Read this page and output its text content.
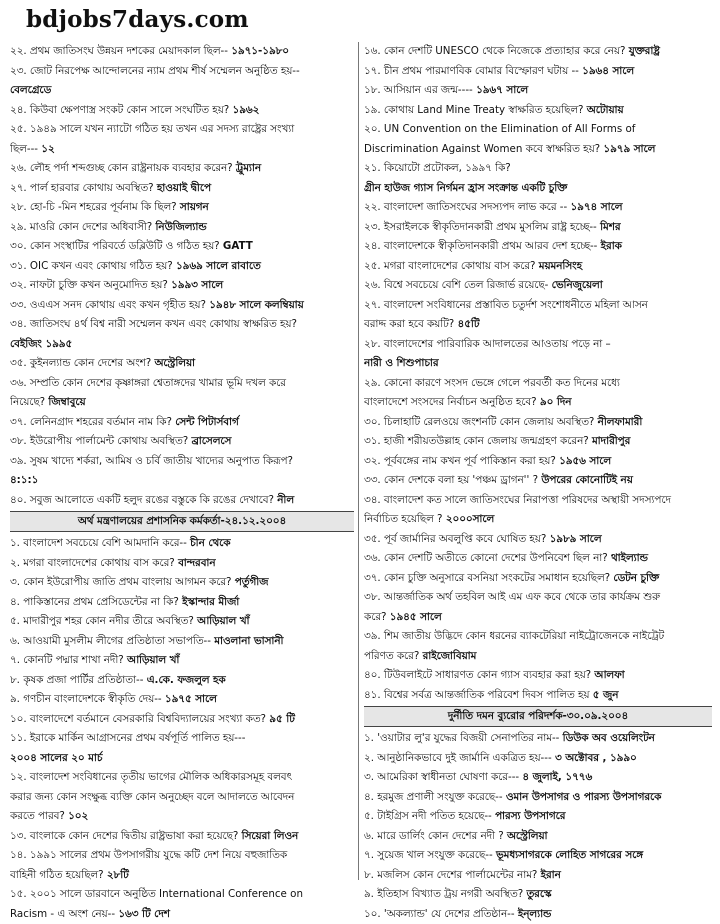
bdjobs7days.com
২২. প্রথম জাতিসংঘ উন্নয়ন দশকের মেয়াদকাল ছিল-- ১৯৭১-১৯৮০
২৩. জোট নিরপেক্ষ আন্দোলনের ন্যাম প্রথম শীর্ষ সম্মেলন অনুষ্ঠিত হয়--
বেলগ্রেডে
২৪. কিউবা ক্ষেপণাস্ত্র সংকট কোন সালে সংঘটিত হয়? ১৯৬২
২৫. ১৯৪৯ সালে যখন ন্যাটো গঠিত হয় তখন এর সদস্য রাষ্ট্রের সংখ্যা
ছিল--- ১২
২৬. লৌহ পর্দা শব্দগুচ্ছ কোন রাষ্ট্রনায়ক ব্যবহার করেন? ট্রুম্যান
২৭. পার্ল হারবার কোথায় অবস্থিত? হাওয়াই দ্বীপে
২৮. হো-চি -মিন শহরের পূর্বনাম কি ছিল? সায়গন
২৯. মাওরি কোন দেশের অধিবাসী? নিউজিল্যান্ড
৩০. কোন সংস্থাটির পরিবর্তে ডব্লিউটি ও গঠিত হয়? GATT
৩১. OIC কখন এবং কোথায় গঠিত হয়? ১৯৬৯ সালে রাবাতে
৩২. নাফটা চুক্তি কখন অনুমোদিত হয়? ১৯৯৩ সালে
৩৩. ওএএস সনদ কোথায় এবং কখন গৃহীত হয়? ১৯৪৮ সালে কলম্বিয়ায়
৩৪. জাতিসংঘ ৪র্থ বিশ্ব নারী সম্মেলন কখন এবং কোথায় স্বাক্ষরিত হয়?
বেইজিং ১৯৯৫
৩৫. কুইনল্যান্ড কোন দেশের অংশ? অস্ট্রেলিয়া
৩৬. সম্প্রতি কোন দেশের কৃষ্ণাঙ্গরা শ্বেতাঙ্গদের খামার ভূমি দখল করে
নিয়েছে? জিম্বাবুয়ে
৩৭. লেনিনগ্রাদ শহরের বর্তমান নাম কি? সেন্ট পিটার্সবার্গ
৩৮. ইউরোপীয় পার্লামেন্ট কোথায় অবস্থিত? ব্রাসেলসে
৩৯. সুষম খাদ্যে শর্করা, আমিষ ও চর্বি জাতীয় খাদ্যের অনুপাত কিরূপ?
৪:১:১
৪০. সবুজ আলোতে একটি হলুদ রঙের বস্তুকে কি রঙের দেখাবে? নীল
অর্থ মন্ত্রণালয়ের প্রশাসনিক কর্মকর্তা-২৪.১২.২০০৪
১. বাংলাদেশ সবচেয়ে বেশি আমদানি করে-- চীন থেকে
২. মগরা বাংলাদেশের কোথায় বাস করে? বান্দরবান
৩. কোন ইউরোপীয় জাতি প্রথম বাংলায় আগমন করে? পর্তুগীজ
৪. পাকিস্তানের প্রথম প্রেসিডেন্টের না কি? ইস্কান্দার মীর্জা
৫. মাদারীপুর শহর কোন নদীর তীরে অবস্থিত? আড়িয়াল খাঁ
৬. আওয়ামী মুসলীম লীগের প্রতিষ্ঠাতা সভাপতি-- মাওলানা ভাসানী
৭. কোনটি পদ্মার শাখা নদী? আড়িয়াল খাঁ
৮. কৃষক প্রজা পার্টির প্রতিষ্ঠাতা-- এ.কে. ফজলুল হক
৯. গণচীন বাংলাদেশকে স্বীকৃতি দেয়-- ১৯৭৫ সালে
১০. বাংলাদেশে বর্তমানে বেসরকারি বিশ্ববিদ্যালয়ের সংখ্যা কত? ৯৫ টি
১১. ইরাকে মার্কিন আগ্রাসনের প্রথম বর্ষপূর্তি পালিত হয়---
২০০৪ সালের ২০ মার্চ
১২. বাংলাদেশ সংবিধানের তৃতীয় ভাগের মৌলিক অধিকারসমূহ বলবৎ
করার জন্য কোন সংক্ষুব্ধ ব্যক্তি কোন অনুচ্ছেদ বলে আদালতে আবেদন
করতে পারব? ১০২
১৩. বাংলাকে কোন দেশের দ্বিতীয় রাষ্ট্রভাষা করা হয়েছে? সিয়েরা লিওন
১৪. ১৯৯১ সালের প্রথম উপসাগরীয় যুদ্ধে কটি দেশ নিয়ে বহুজাতিক
বাহিনী গঠিত হয়েছিল? ২৮টি
১৫. ২০০১ সালে ডারবানে অনুষ্ঠিত International Conference on
Racism - এ অংশ নেয়-- ১৬৩ টি দেশ
১৬. কোন দেশটি UNESCO থেকে নিজেকে প্রত্যাহার করে নেয়? যুক্তরাষ্ট্র
১৭. চীন প্রথম পারমাণবিক বোমার বিস্ফোরণ ঘটায় -- ১৯৬৪ সালে
১৮. আসিয়ান এর জন্ম---- ১৯৬৭ সালে
১৯. কোথায় Land Mine Treaty স্বাক্ষরিত হয়েছিল? অটোয়ায়
২০. UN Convention on the Elimination of All Forms of
Discrimination Against Women কবে স্বাক্ষরিত হয়? ১৯৭৯ সালে
২১. কিয়োটো প্রটোকল, ১৯৯৭ কি?
গ্রীন হাউজ গ্যাস নির্গমন হ্রাস সংক্রান্ত একটি চুক্তি
২২. বাংলাদেশ জাতিসংঘের সদস্যপদ লাভ করে -- ১৯৭৪ সালে
২৩. ইসরাইলকে স্বীকৃতিদানকারী প্রথম মুসলিম রাষ্ট্র হচ্ছে-- মিশর
২৪. বাংলাদেশকে স্বীকৃতিদানকারী প্রথম আরব দেশ হচ্ছে-- ইরাক
২৫. মগরা বাংলাদেশের কোথায় বাস করে? ময়মনসিংহ
২৬. বিশ্বে সবচেয়ে বেশি তেল রিজার্ভ রয়েছে- ভেনিজুয়েলা
২৭. বাংলাদেশ সংবিধানের প্রস্তাবিত চতুর্দশ সংশোধনীতে মহিলা আসন
বরাদ্দ করা হবে কয়টি? ৪৫টি
২৮. বাংলাদেশের পারিবারিক আদালতের আওতায় পড়ে না –
নারী ও শিশুপাচার
২৯. কোনো কারণে সংসদ ভেঙ্গে গেলে পরবর্তী কত দিনের মধ্যে
বাংলাদেশে সংসদের নির্বাচন অনুষ্ঠিত হবে? ৯০ দিন
৩০. চিলাহাটি রেলওয়ে জংশনটি কোন জেলায় অবস্থিত? নীলফামারী
৩১. হাজী শরীয়তউল্লাহ কোন জেলায় জন্মগ্রহণ করেন? মাদারীপুর
৩২. পূর্ববঙ্গের নাম কখন পূর্ব পাকিস্তান করা হয়? ১৯৫৬ সালে
৩৩. কোন দেশকে বলা হয় 'পঞ্চম ড্রাগন'' ? উপরের কোনোটিই নয়
৩৪. বাংলাদেশ কত সালে জাতিসংঘের নিরাপত্তা পরিষদের অস্থায়ী সদস্যপদে
নির্বাচিত হয়েছিল ? ২০০০সালে
৩৫. পূর্ব জার্মানির অবলুপ্তি কবে ঘোষিত হয়? ১৯৮৯ সালে
৩৬. কোন দেশটি অতীতে কোনো দেশের উপনিবেশ ছিল না? থাইল্যান্ড
৩৭. কোন চুক্তি অনুসারে বসনিয়া সংকটের সমাধান হয়েছিল? ডেটন চুক্তি
৩৮. আন্তর্জাতিক অর্থ তহবিল আই এম এফ কবে থেকে তার কার্যক্রম শুরু
করে? ১৯৪৫ সালে
৩৯. শিম জাতীয় উদ্ভিদে কোন ধরনের ব্যাকটেরিয়া নাইট্রোজেনকে নাইট্রেট
পরিণত করে? রাইজোবিয়াম
৪০. টিউবলাইটে সাধারণত কোন গ্যাস ব্যবহার করা হয়? আলফা
৪১. বিশ্বের সর্বত্র আন্তর্জাতিক পরিবেশ দিবস পালিত হয় ৫ জুন
দুর্নীতি দমন ব্যুরোর পরিদর্শক-৩০.০৯.২০০৪
১. 'ওয়াটার লু'র যুদ্ধের বিজয়ী সেনাপতির নাম-- ডিউক অব ওয়েলিংটন
২. আনুষ্ঠানিকভাবে দুই জার্মানি একত্রিত হয়--- ৩ অক্টোবর , ১৯৯০
৩. আমেরিকা স্বাধীনতা ঘোষণা করে--- ৪ জুলাই, ১৭৭৬
৪. হরমুজ প্রণালী সংযুক্ত করেছে-- ওমান উপসাগর ও পারস্য উপসাগরকে
৫. টাইগ্রিস নদী পতিত হয়েছে-- পারস্য উপসাগরে
৬. মারে ডার্লিং কোন দেশের নদী ? অস্ট্রেলিয়া
৭. সুয়েজ খাল সংযুক্ত করেছে-- ভূমধ্যসাগরকে লোহিত সাগরের সঙ্গে
৮. মজলিস কোন দেশের পার্লামেন্টের নাম? ইরান
৯. ইতিহাস বিখ্যাত ট্রয় নগরী অবস্থিত? তুরস্কে
১০. 'অকল্যান্ড' যে দেশের প্রতিষ্ঠান-- ইন্ল্যান্ড
